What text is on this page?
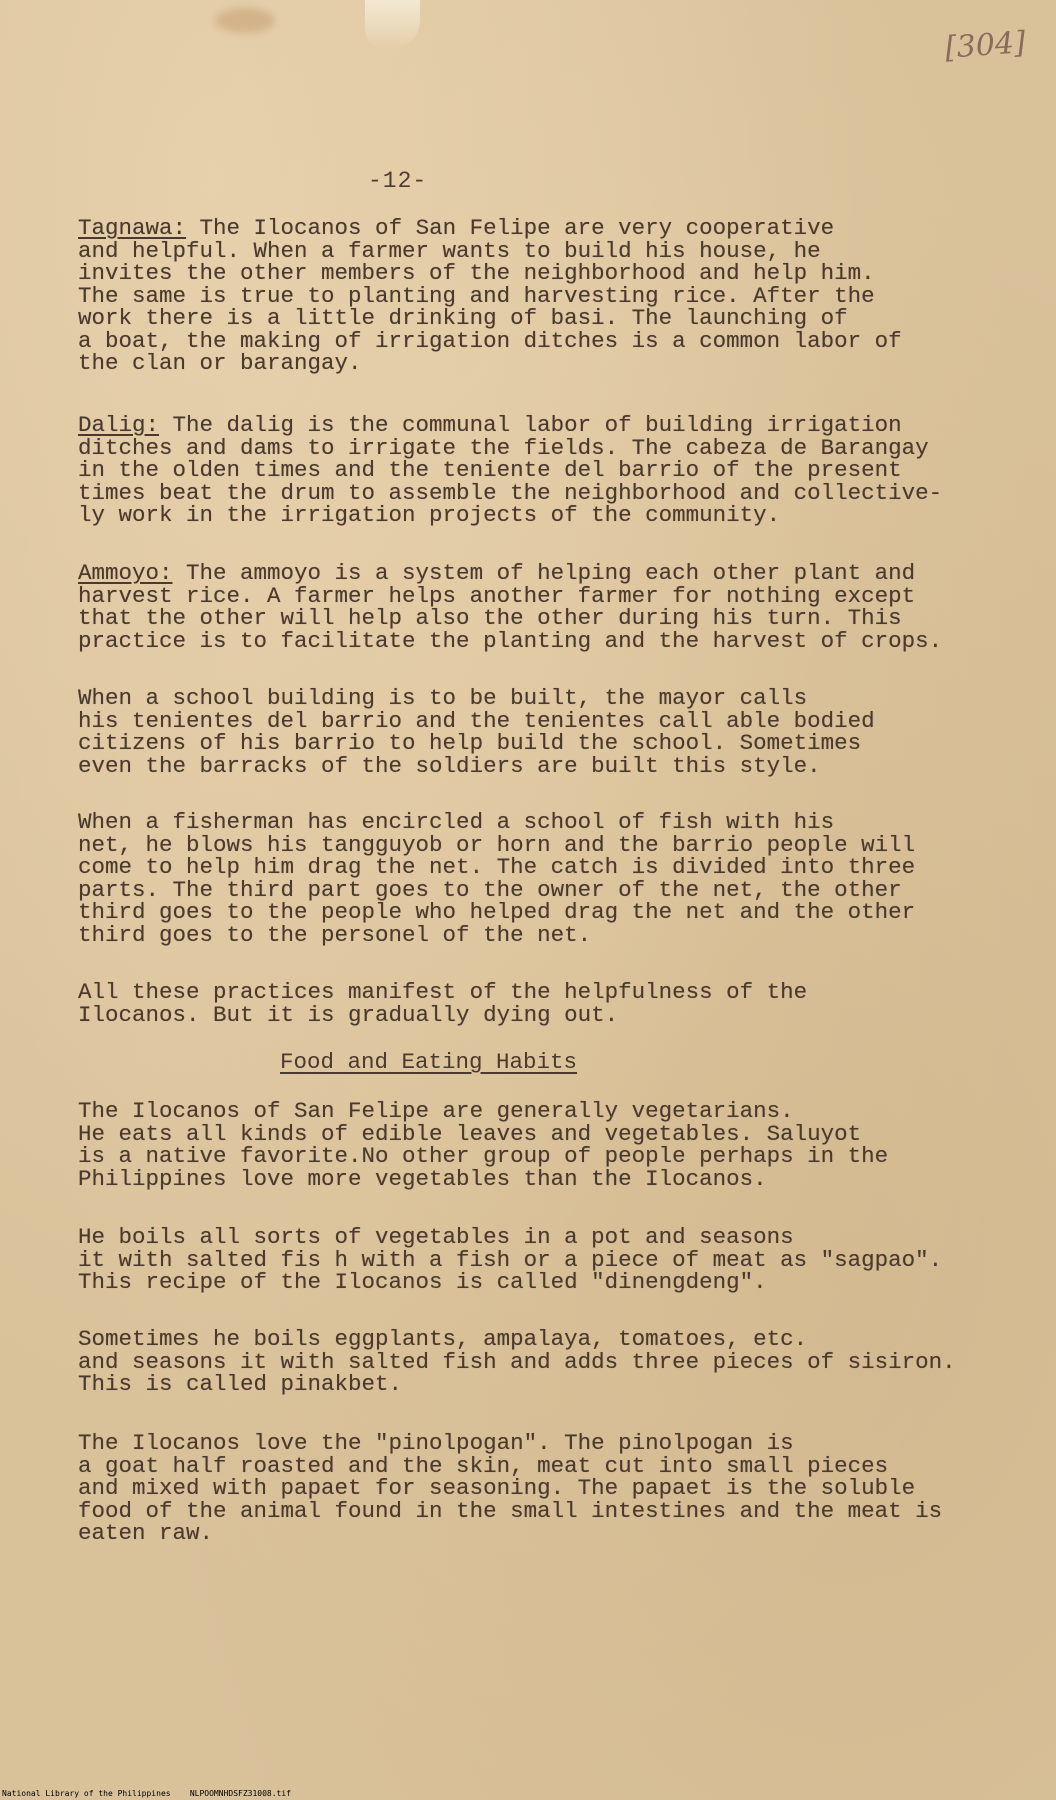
[304]
-12-
Tagnawa: The Ilocanos of San Felipe are very cooperative
and helpful. When a farmer wants to build his house, he
invites the other members of the neighborhood and help him.
The same is true to planting and harvesting rice. After the
work there is a little drinking of basi. The launching of
a boat, the making of irrigation ditches is a common labor of
the clan or barangay.
Dalig: The dalig is the communal labor of building irrigation
ditches and dams to irrigate the fields. The cabeza de Barangay
in the olden times and the teniente del barrio of the present
times beat the drum to assemble the neighborhood and collective-
ly work in the irrigation projects of the community.
Ammoyo: The ammoyo is a system of helping each other plant and
harvest rice. A farmer helps another farmer for nothing except
that the other will help also the other during his turn. This
practice is to facilitate the planting and the harvest of crops.
When a school building is to be built, the mayor calls
his tenientes del barrio and the tenientes call able bodied
citizens of his barrio to help build the school. Sometimes
even the barracks of the soldiers are built this style.
When a fisherman has encircled a school of fish with his
net, he blows his tangguyob or horn and the barrio people will
come to help him drag the net. The catch is divided into three
parts. The third part goes to the owner of the net, the other
third goes to the people who helped drag the net and the other
third goes to the personel of the net.
All these practices manifest of the helpfulness of the
Ilocanos. But it is gradually dying out.
Food and Eating Habits
The Ilocanos of San Felipe are generally vegetarians.
He eats all kinds of edible leaves and vegetables. Saluyot
is a native favorite.No other group of people perhaps in the
Philippines love more vegetables than the Ilocanos.
He boils all sorts of vegetables in a pot and seasons
it with salted fis h with a fish or a piece of meat as "sagpao".
This recipe of the Ilocanos is called "dinengdeng".
Sometimes he boils eggplants, ampalaya, tomatoes, etc.
and seasons it with salted fish and adds three pieces of sisiron.
This is called pinakbet.
The Ilocanos love the "pinolpogan". The pinolpogan is
a goat half roasted and the skin, meat cut into small pieces
and mixed with papaet for seasoning. The papaet is the soluble
food of the animal found in the small intestines and the meat is
eaten raw.
National Library of the Philippines    NLPOOMNHDSFZ31008.tif
